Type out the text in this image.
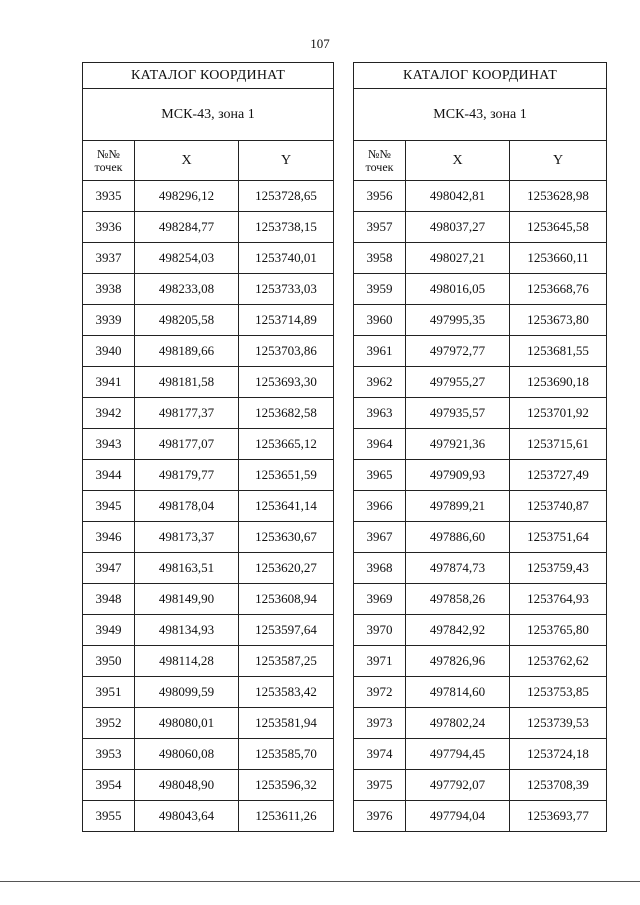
107
КАТАЛОГ КООРДИНАТ		
МСК-43, зона 1		
№№
точек	X	Y
3935	498296,12	1253728,65
3936	498284,77	1253738,15
3937	498254,03	1253740,01
3938	498233,08	1253733,03
3939	498205,58	1253714,89
3940	498189,66	1253703,86
3941	498181,58	1253693,30
3942	498177,37	1253682,58
3943	498177,07	1253665,12
3944	498179,77	1253651,59
3945	498178,04	1253641,14
3946	498173,37	1253630,67
3947	498163,51	1253620,27
3948	498149,90	1253608,94
3949	498134,93	1253597,64
3950	498114,28	1253587,25
3951	498099,59	1253583,42
3952	498080,01	1253581,94
3953	498060,08	1253585,70
3954	498048,90	1253596,32
3955	498043,64	1253611,26
КАТАЛОГ КООРДИНАТ		
МСК-43, зона 1		
№№
точек	X	Y
3956	498042,81	1253628,98
3957	498037,27	1253645,58
3958	498027,21	1253660,11
3959	498016,05	1253668,76
3960	497995,35	1253673,80
3961	497972,77	1253681,55
3962	497955,27	1253690,18
3963	497935,57	1253701,92
3964	497921,36	1253715,61
3965	497909,93	1253727,49
3966	497899,21	1253740,87
3967	497886,60	1253751,64
3968	497874,73	1253759,43
3969	497858,26	1253764,93
3970	497842,92	1253765,80
3971	497826,96	1253762,62
3972	497814,60	1253753,85
3973	497802,24	1253739,53
3974	497794,45	1253724,18
3975	497792,07	1253708,39
3976	497794,04	1253693,77
